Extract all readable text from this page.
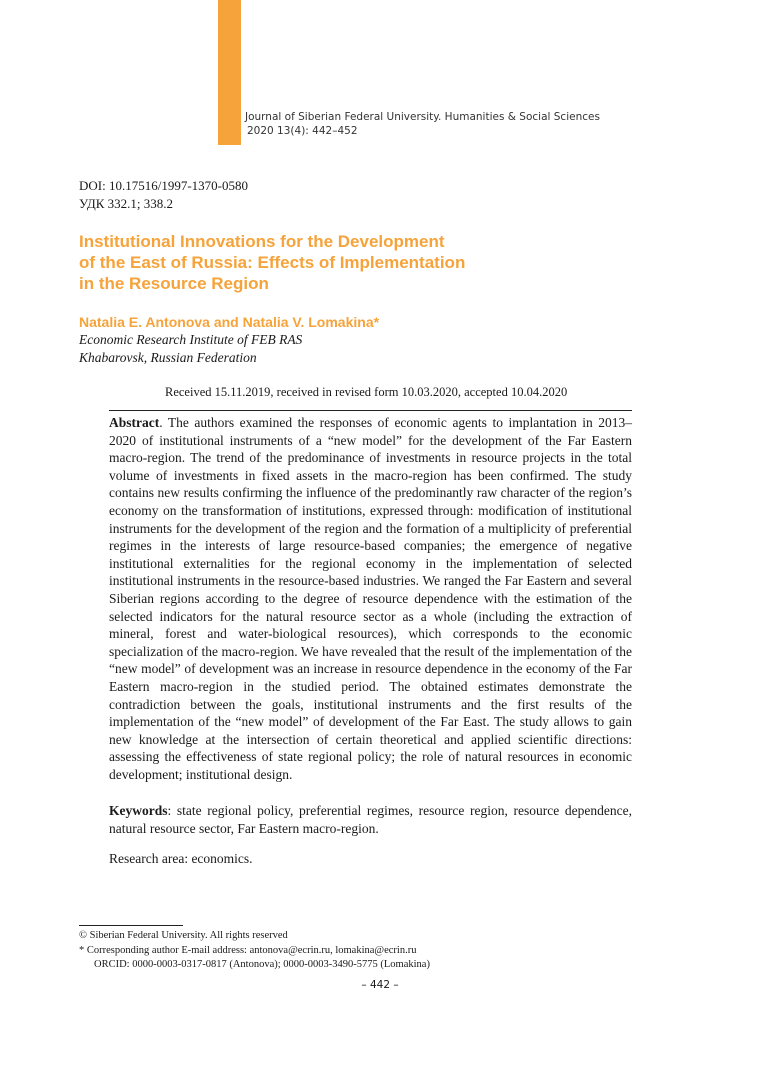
Journal of Siberian Federal University. Humanities & Social Sciences
2020 13(4): 442–452
DOI: 10.17516/1997-1370-0580
УДК 332.1; 338.2
Institutional Innovations for the Development
of the East of Russia: Effects of Implementation
in the Resource Region
Natalia E. Antonova and Natalia V. Lomakina*
Economic Research Institute of FEB RAS
Khabarovsk, Russian Federation
Received 15.11.2019, received in revised form 10.03.2020, accepted 10.04.2020

Abstract. The authors examined the responses of economic agents to implantation in 2013–2020 of institutional instruments of a “new model” for the development of the Far Eastern macro-region. The trend of the predominance of investments in resource projects in the total volume of investments in fixed assets in the macro-region has been confirmed. The study contains new results confirming the influence of the predominantly raw character of the region’s economy on the transformation of institutions, expressed through: modification of institutional instruments for the development of the region and the formation of a multiplicity of preferential regimes in the interests of large resource-based companies; the emergence of negative institutional externalities for the regional economy in the implementation of selected institutional instruments in the resource-based industries. We ranged the Far Eastern and several Siberian regions according to the degree of resource dependence with the estimation of the selected indicators for the natural resource sector as a whole (including the extraction of mineral, forest and water-biological resources), which corresponds to the economic specialization of the macro-region. We have revealed that the result of the implementation of the “new model” of development was an increase in resource dependence in the economy of the Far Eastern macro-region in the studied period. The obtained estimates demonstrate the contradiction between the goals, institutional instruments and the first results of the implementation of the “new model” of development of the Far East. The study allows to gain new knowledge at the intersection of certain theoretical and applied scientific directions: assessing the effectiveness of state regional policy; the role of natural resources in economic development; institutional design.

Keywords: state regional policy, preferential regimes, resource region, resource dependence, natural resource sector, Far Eastern macro-region.

Research area: economics.
© Siberian Federal University. All rights reserved
* Corresponding author E-mail address: antonova@ecrin.ru, lomakina@ecrin.ru
ORCID: 0000-0003-0317-0817 (Antonova); 0000-0003-3490-5775 (Lomakina)
– 442 –
